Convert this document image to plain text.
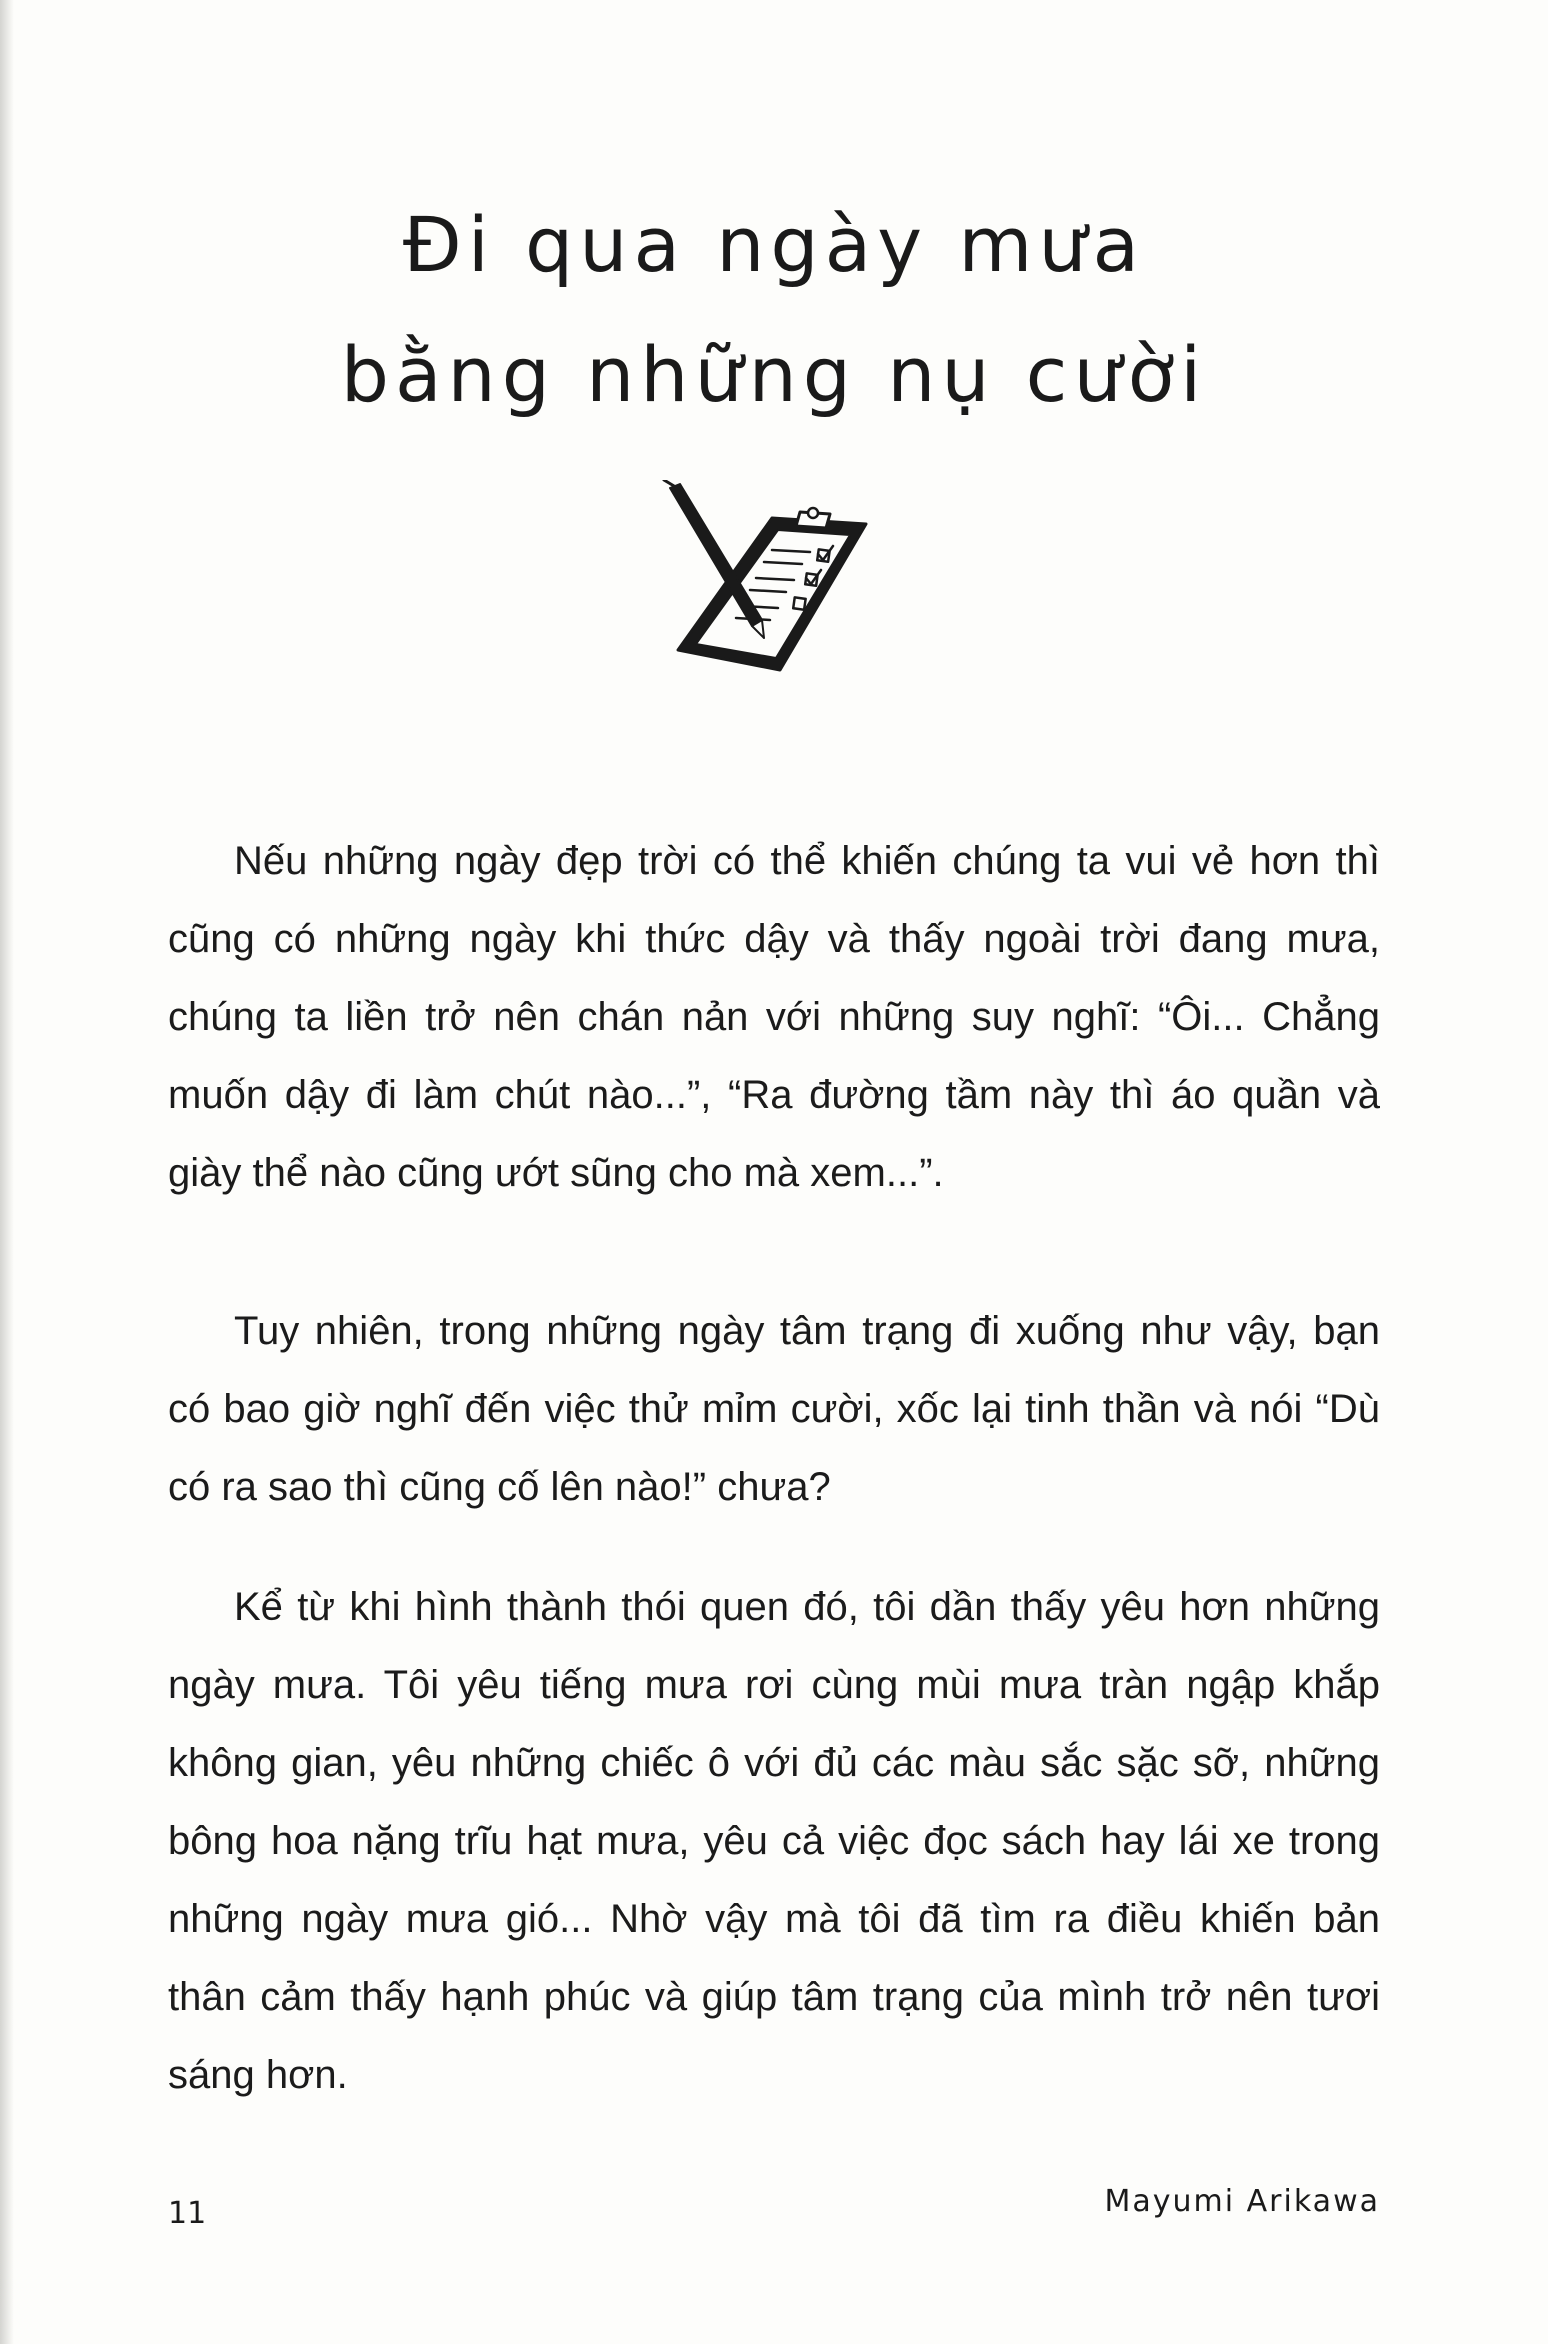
Đi qua ngày mưa
bằng những nụ cười

Nếu những ngày đẹp trời có thể khiến chúng ta vui vẻ hơn thì cũng có những ngày khi thức dậy và thấy ngoài trời đang mưa, chúng ta liền trở nên chán nản với những suy nghĩ: “Ôi... Chẳng muốn dậy đi làm chút nào...”, “Ra đường tầm này thì áo quần và giày thể nào cũng ướt sũng cho mà xem...”.

Tuy nhiên, trong những ngày tâm trạng đi xuống như vậy, bạn có bao giờ nghĩ đến việc thử mỉm cười, xốc lại tinh thần và nói “Dù có ra sao thì cũng cố lên nào!” chưa?

Kể từ khi hình thành thói quen đó, tôi dần thấy yêu hơn những ngày mưa. Tôi yêu tiếng mưa rơi cùng mùi mưa tràn ngập khắp không gian, yêu những chiếc ô với đủ các màu sắc sặc sỡ, những bông hoa nặng trĩu hạt mưa, yêu cả việc đọc sách hay lái xe trong những ngày mưa gió... Nhờ vậy mà tôi đã tìm ra điều khiến bản thân cảm thấy hạnh phúc và giúp tâm trạng của mình trở nên tươi sáng hơn.

11	Mayumi Arikawa
